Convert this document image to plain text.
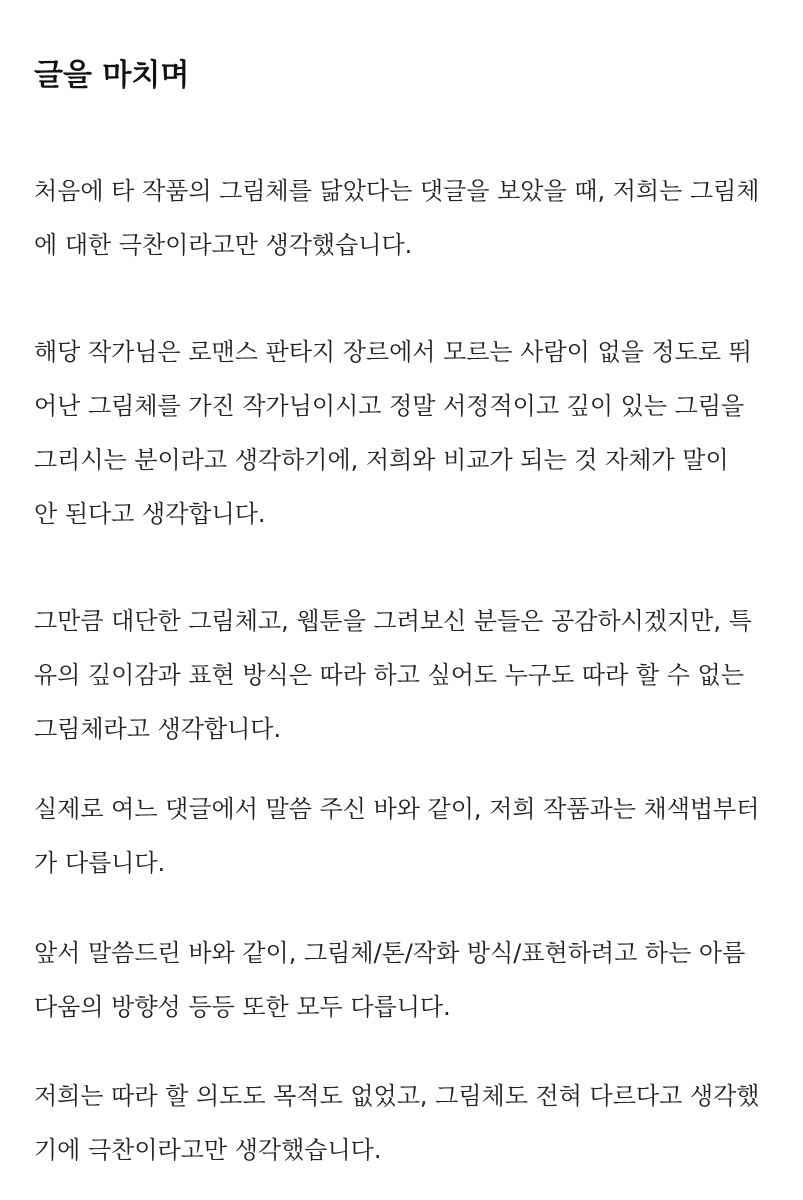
글을 마치며

처음에 타 작품의 그림체를 닮았다는 댓글을 보았을 때, 저희는 그림체
에 대한 극찬이라고만 생각했습니다.

해당 작가님은 로맨스 판타지 장르에서 모르는 사람이 없을 정도로 뛰
어난 그림체를 가진 작가님이시고 정말 서정적이고 깊이 있는 그림을
그리시는 분이라고 생각하기에, 저희와 비교가 되는 것 자체가 말이
안 된다고 생각합니다.

그만큼 대단한 그림체고, 웹툰을 그려보신 분들은 공감하시겠지만, 특
유의 깊이감과 표현 방식은 따라 하고 싶어도 누구도 따라 할 수 없는
그림체라고 생각합니다.

실제로 여느 댓글에서 말씀 주신 바와 같이, 저희 작품과는 채색법부터
가 다릅니다.

앞서 말씀드린 바와 같이, 그림체/톤/작화 방식/표현하려고 하는 아름
다움의 방향성 등등 또한 모두 다릅니다.

저희는 따라 할 의도도 목적도 없었고, 그림체도 전혀 다르다고 생각했
기에 극찬이라고만 생각했습니다.
